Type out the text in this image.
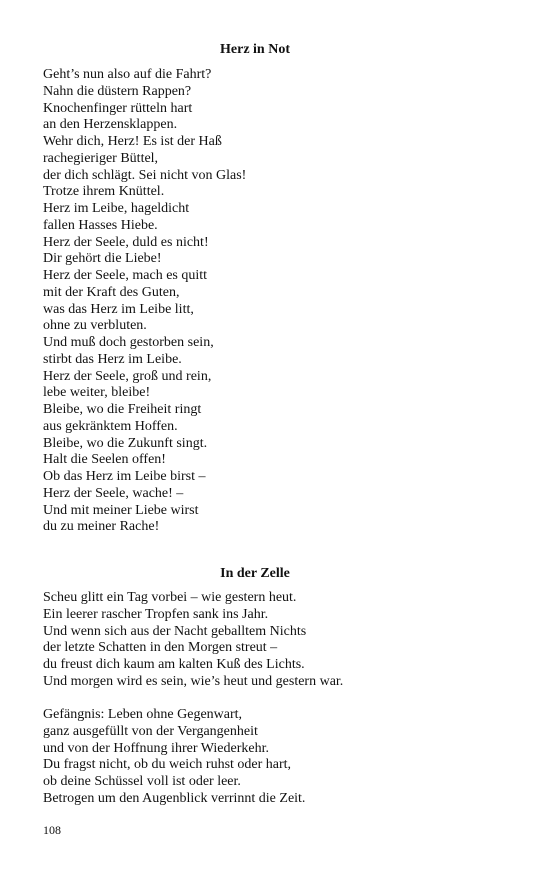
Herz in Not
Geht’s nun also auf die Fahrt?
Nahn die düstern Rappen?
Knochenfinger rütteln hart
an den Herzensklappen.
Wehr dich, Herz! Es ist der Haß
rachegieriger Büttel,
der dich schlägt. Sei nicht von Glas!
Trotze ihrem Knüttel.
Herz im Leibe, hageldicht
fallen Hasses Hiebe.
Herz der Seele, duld es nicht!
Dir gehört die Liebe!
Herz der Seele, mach es quitt
mit der Kraft des Guten,
was das Herz im Leibe litt,
ohne zu verbluten.
Und muß doch gestorben sein,
stirbt das Herz im Leibe.
Herz der Seele, groß und rein,
lebe weiter, bleibe!
Bleibe, wo die Freiheit ringt
aus gekränktem Hoffen.
Bleibe, wo die Zukunft singt.
Halt die Seelen offen!
Ob das Herz im Leibe birst –
Herz der Seele, wache! –
Und mit meiner Liebe wirst
du zu meiner Rache!
In der Zelle
Scheu glitt ein Tag vorbei – wie gestern heut.
Ein leerer rascher Tropfen sank ins Jahr.
Und wenn sich aus der Nacht geballtem Nichts
der letzte Schatten in den Morgen streut –
du freust dich kaum am kalten Kuß des Lichts.
Und morgen wird es sein, wie’s heut und gestern war.
Gefängnis: Leben ohne Gegenwart,
ganz ausgefüllt von der Vergangenheit
und von der Hoffnung ihrer Wiederkehr.
Du fragst nicht, ob du weich ruhst oder hart,
ob deine Schüssel voll ist oder leer.
Betrogen um den Augenblick verrinnt die Zeit.
108
